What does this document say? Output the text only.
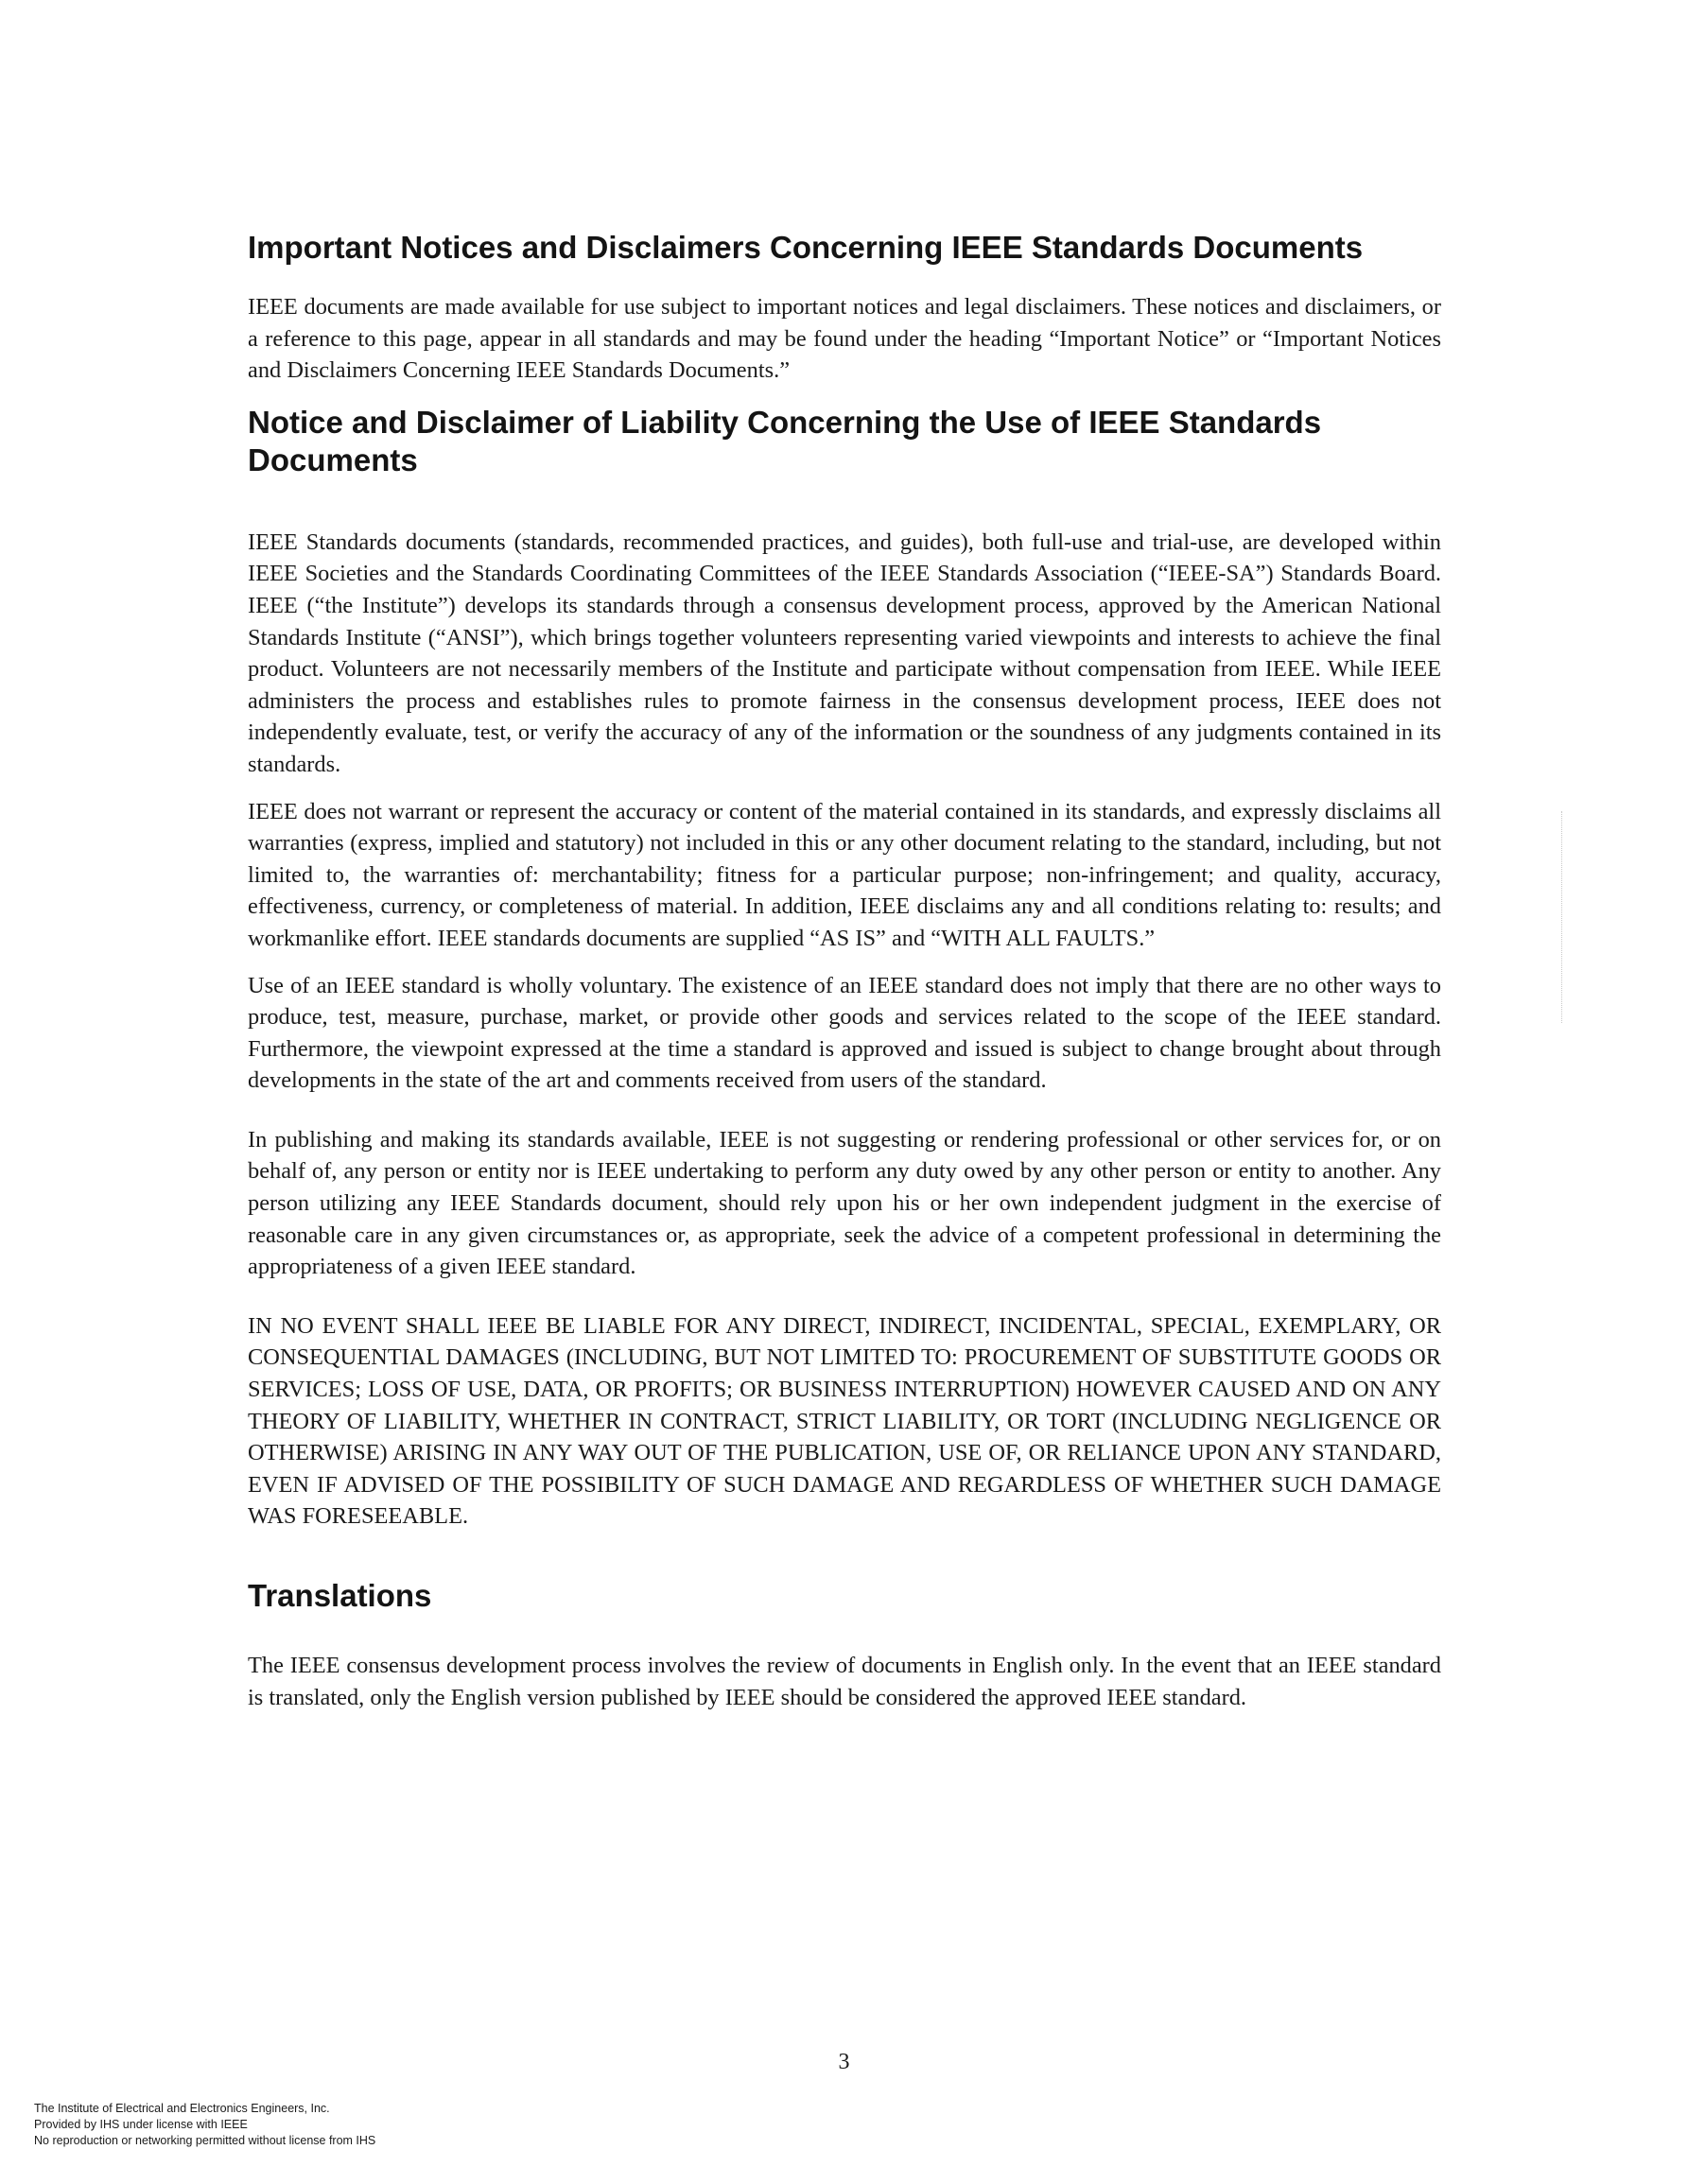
Important Notices and Disclaimers Concerning IEEE Standards Documents

IEEE documents are made available for use subject to important notices and legal disclaimers. These notices and disclaimers, or a reference to this page, appear in all standards and may be found under the heading “Important Notice” or “Important Notices and Disclaimers Concerning IEEE Standards Documents.”

Notice and Disclaimer of Liability Concerning the Use of IEEE Standards Documents

IEEE Standards documents (standards, recommended practices, and guides), both full-use and trial-use, are developed within IEEE Societies and the Standards Coordinating Committees of the IEEE Standards Association (“IEEE-SA”) Standards Board. IEEE (“the Institute”) develops its standards through a consensus development process, approved by the American National Standards Institute (“ANSI”), which brings together volunteers representing varied viewpoints and interests to achieve the final product. Volunteers are not necessarily members of the Institute and participate without compensation from IEEE. While IEEE administers the process and establishes rules to promote fairness in the consensus development process, IEEE does not independently evaluate, test, or verify the accuracy of any of the information or the soundness of any judgments contained in its standards.

IEEE does not warrant or represent the accuracy or content of the material contained in its standards, and expressly disclaims all warranties (express, implied and statutory) not included in this or any other document relating to the standard, including, but not limited to, the warranties of: merchantability; fitness for a particular purpose; non-infringement; and quality, accuracy, effectiveness, currency, or completeness of material. In addition, IEEE disclaims any and all conditions relating to: results; and workmanlike effort. IEEE standards documents are supplied “AS IS” and “WITH ALL FAULTS.”

Use of an IEEE standard is wholly voluntary. The existence of an IEEE standard does not imply that there are no other ways to produce, test, measure, purchase, market, or provide other goods and services related to the scope of the IEEE standard. Furthermore, the viewpoint expressed at the time a standard is approved and issued is subject to change brought about through developments in the state of the art and comments received from users of the standard.

In publishing and making its standards available, IEEE is not suggesting or rendering professional or other services for, or on behalf of, any person or entity nor is IEEE undertaking to perform any duty owed by any other person or entity to another. Any person utilizing any IEEE Standards document, should rely upon his or her own independent judgment in the exercise of reasonable care in any given circumstances or, as appropriate, seek the advice of a competent professional in determining the appropriateness of a given IEEE standard.

IN NO EVENT SHALL IEEE BE LIABLE FOR ANY DIRECT, INDIRECT, INCIDENTAL, SPECIAL, EXEMPLARY, OR CONSEQUENTIAL DAMAGES (INCLUDING, BUT NOT LIMITED TO: PROCUREMENT OF SUBSTITUTE GOODS OR SERVICES; LOSS OF USE, DATA, OR PROFITS; OR BUSINESS INTERRUPTION) HOWEVER CAUSED AND ON ANY THEORY OF LIABILITY, WHETHER IN CONTRACT, STRICT LIABILITY, OR TORT (INCLUDING NEGLIGENCE OR OTHERWISE) ARISING IN ANY WAY OUT OF THE PUBLICATION, USE OF, OR RELIANCE UPON ANY STANDARD, EVEN IF ADVISED OF THE POSSIBILITY OF SUCH DAMAGE AND REGARDLESS OF WHETHER SUCH DAMAGE WAS FORESEEABLE.

Translations

The IEEE consensus development process involves the review of documents in English only. In the event that an IEEE standard is translated, only the English version published by IEEE should be considered the approved IEEE standard.

3
The Institute of Electrical and Electronics Engineers, Inc.
Provided by IHS under license with IEEE
No reproduction or networking permitted without license from IHS
